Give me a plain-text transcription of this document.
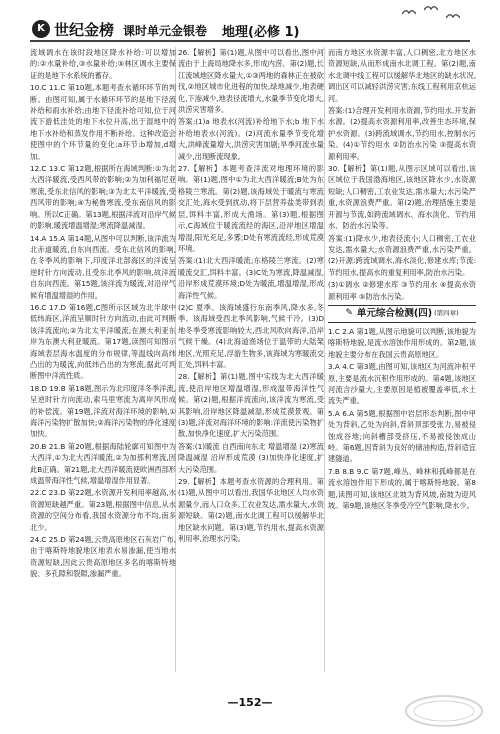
K 世纪金榜 课时单元金银卷 地理(必修 1)

流域调水在该时段地区降水补给:可以增加的:②水量补给,③水量补给;⑤林区调水主要保证的是地下水系统的蓄存。

10.C 11.C 第10题,本题考查水循环环节的判断。由图可知,属于水循环环节的是地下径流补给和雨水补给;由地下径流补给可知,位于河流下游低洼处的地下水位升高,出于湿地中的地下水补给和蒸发作用不断补给。这种改造会使图中的个环节量的变化:a环节:b增加,d增加。

12.C 13.C 第12题,根据所在海域判断:①为北大西洋暖流,受西风带的影响;②为加利福尼亚寒流,受东北信风的影响;③为北太平洋暖流,受西风带的影响;④为秘鲁寒流,受东南信风的影响。所以C正确。第13题,根据洋流对沿岸气候的影响,暖流增温增湿;寒流降温减湿。

14.A 15.A 第14题,从图中可以判断,该洋流为北赤道暖流,自东向西流。受东北信风的影响,在冬季风的影响下,印度洋北部海区的洋流呈逆时针方向流动,且受东北季风的影响,故洋流自东向西流。第15题,该洋流为暖流,对沿岸气候有增温增湿的作用。

16.C 17.D 第16题,C图所示区域为北半球中低纬海区,洋流呈顺时针方向流动,由此可判断该洋流流向;②为北太平洋暖流;在澳大利亚东岸为东澳大利亚暖流。第17题,读图可知图示海域表层海水温度的分布规律,等温线向高纬凸出的为暖流,向低纬凸出的为寒流,据此可判断图中洋流性质。

18.D 19.B 第18题,图示为北印度洋冬季洋流,呈逆时针方向流动,索马里寒流为离岸风形成的补偿流。第19题,洋流对海洋环境的影响,①海洋污染物扩散加快;②海洋污染物的净化速度加快。

20.B 21.B 第20题,根据海陆轮廓可知图中为大西洋,①为北大西洋暖流,②为加那利寒流,因此B正确。第21题,北大西洋暖流使欧洲西部形成温带海洋性气候,增温增湿作用显著。

22.C 23.D 第22题,水资源开发利用率越高,水资源短缺越严重。第23题,根据图中信息,从水资源的空间分布看,我国水资源分布不均,南多北少。

24.C 25.D 第24题,云贵高原地区石灰岩广布,由于喀斯特地貌地区地表水易渗漏,使当地水资源短缺,因此云贵高原地区多名的喀斯特地貌、多孔隙和裂隙,渗漏严重。

26.【解析】第(1)题,从图中可以看出,图中河流由于上海局地降水多,形成内涝。第(2)题,长江流域地区降水量大,①③两地的森林正在被砍伐,②地区城市化进程的加快,绿地减少,地表硬化,下渗减少,地表径流增大,水量季节变化增大,洪涝灾害增多。

答案:(1)a 地表水(河流)补给地下水;b 地下水补给地表水(河流)。(2)河流水量季节变化增大,洪峰流量增大,洪涝灾害加剧;旱季河流水量减少,出现断流现象。

27.【解析】本题考查洋流对地理环境的影响。第(1)题,图中①为北大西洋暖流;B处为东格陵兰寒流。第(2)题,该海域处于暖流与寒流交汇处,海水受到扰动,将下层营养盐类带到表层,饵料丰富,形成大渔场。第(3)题,根据图示,C海域位于暖流流经的海区,沿岸地区增温增湿,阳光充足,多雾;D处有寒流流经,形成荒漠环境。

答案:(1)北大西洋暖流;东格陵兰寒流。(2)寒暖流交汇,饵料丰富。(3)C处为寒流,降温减湿,沿岸形成荒漠环境;D处为暖流,增温增湿,形成海洋性气候。

(2)C 夏季、该海域盛行东南季风,降水多,冬季、该海域受西北季风影响,气候干冷。(3)D 地冬季受寒流影响较大,西北风吹向海洋,沿岸气候干燥。(4)北海道渔场位于温带的大陆架地区,光照充足,浮游生物多,该海域为寒暖流交汇处,饵料丰富。

28.【解析】第(1)题,图中实线为北大西洋暖流,使沿岸地区增温增湿,形成温带海洋性气候。第(2)题,根据洋流流向,该洋流为寒流,受其影响,沿岸地区降温减湿,形成荒漠景观。第(3)题,洋流对海洋环境的影响:洋流使污染物扩散,加快净化速度,扩大污染范围。

答案:(1)暖流 自西南向东北 增温增湿 (2)寒流 降温减湿 沿岸形成荒漠 (3)加快净化速度,扩大污染范围。

29.【解析】本题考查水资源的合理利用。第(1)题,从图中可以看出,我国华北地区人均水资源量少,而人口众多,工农业发达,需水量大,水资源短缺。第(2)题,南水北调工程可以缓解华北地区缺水问题。第(3)题,节约用水,提高水资源利用率,治理水污染。

而南方地区水资源丰富,人口稠密,北方地区水资源短缺,从而形成南水北调工程。第(2)题,南水北调中线工程可以缓解华北地区的缺水状况,调出区可以减轻洪涝灾害;东线工程利用京杭运河。

答案:(1)合理开发利用水资源,节约用水,开发新水源。(2)提高水资源利用率,改善生态环境,保护水资源。(3)跨流域调水,节约用水,控制水污染。(4)①节约用水 ②防治水污染 ③提高水资源利用率。

30.【解析】第(1)题,从图示区域可以看出,该区域位于我国渤海地区,该地区降水少,水资源短缺;人口稠密,工农业发达,需水量大;水污染严重,水资源浪费严重。第(2)题,治理措施主要是开源与节流,如跨流域调水、海水淡化、节约用水、防治水污染等。

答案:(1)降水少,地表径流小;人口稠密,工农业发达,需水量大;水资源浪费严重,水污染严重。(2)开源:跨流域调水,海水淡化,修建水库;节流:节约用水,提高水的重复利用率,防治水污染。

(3)①调水 ②修建水库 ③节约用水 ④提高水资源利用率 ⑤防治水污染。

✎ 单元综合检测(四) (第四章)

1.C 2.A 第1题,从图示地貌可以判断,该地貌为喀斯特地貌,是流水溶蚀作用形成的。第2题,该地貌主要分布在我国云贵高原地区。

3.A 4.C 第3题,由图可知,该地区为河流冲积平原,主要是流水沉积作用形成的。第4题,该地区河流含沙量大,主要原因是植被覆盖率低,水土流失严重。

5.A 6.A 第5题,根据图中岩层形态判断,图中甲处为背斜,乙处为向斜,背斜顶部受张力,易被侵蚀成谷地;向斜槽部受挤压,不易被侵蚀成山岭。第6题,因背斜为良好的储油构造,背斜适宜建隧道。

7.B 8.B 9.C 第7题,峰丛、峰林和孤峰都是在流水溶蚀作用下形成的,属于喀斯特地貌。第8题,读图可知,该地区北坡为背风坡,南坡为迎风坡。第9题,该地区冬季受冷空气影响,降水少。

—152—
